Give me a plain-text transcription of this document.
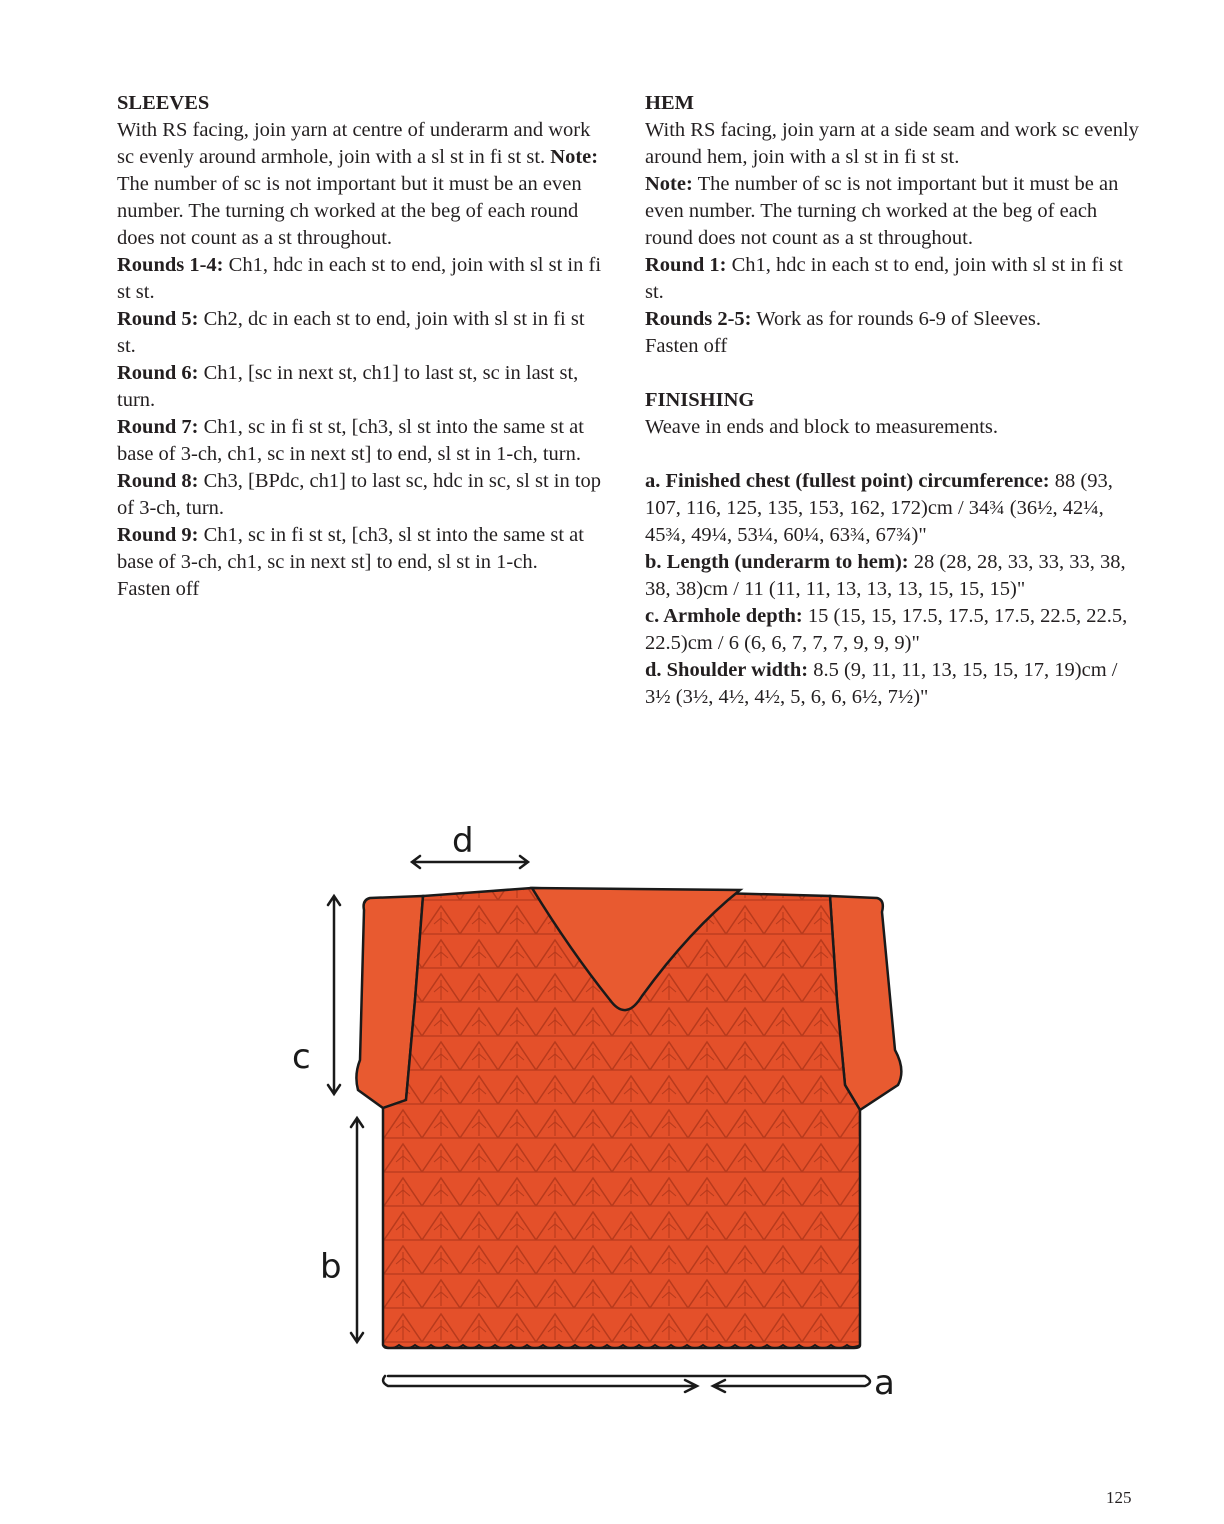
SLEEVES

With RS facing, join yarn at centre of underarm and work sc evenly around armhole, join with a sl st in fi st st. Note: The number of sc is not important but it must be an even number. The turning ch worked at the beg of each round does not count as a st throughout.

Rounds 1-4: Ch1, hdc in each st to end, join with sl st in fi st st.

Round 5: Ch2, dc in each st to end, join with sl st in fi st st.

Round 6: Ch1, [sc in next st, ch1] to last st, sc in last st, turn.

Round 7: Ch1, sc in fi st st, [ch3, sl st into the same st at base of 3-ch, ch1, sc in next st] to end, sl st in 1-ch, turn.

Round 8: Ch3, [BPdc, ch1] to last sc, hdc in sc, sl st in top of 3-ch, turn.

Round 9: Ch1, sc in fi st st, [ch3, sl st into the same st at base of 3-ch, ch1, sc in next st] to end, sl st in 1-ch.

Fasten off

HEM

With RS facing, join yarn at a side seam and work sc evenly around hem, join with a sl st in fi st st.

Note: The number of sc is not important but it must be an even number. The turning ch worked at the beg of each round does not count as a st throughout.

Round 1: Ch1, hdc in each st to end, join with sl st in fi st st.

Rounds 2-5: Work as for rounds 6-9 of Sleeves.

Fasten off

FINISHING

Weave in ends and block to measurements.

a. Finished chest (fullest point) circumference: 88 (93, 107, 116, 125, 135, 153, 162, 172)cm / 34¾ (36½, 42¼, 45¾, 49¼, 53¼, 60¼, 63¾, 67¾)"

b. Length (underarm to hem): 28 (28, 28, 33, 33, 33, 38, 38, 38)cm / 11 (11, 11, 13, 13, 13, 15, 15, 15)"

c. Armhole depth: 15 (15, 15, 17.5, 17.5, 17.5, 22.5, 22.5, 22.5)cm / 6 (6, 6, 7, 7, 7, 9, 9, 9)"

d. Shoulder width: 8.5 (9, 11, 11, 13, 15, 15, 17, 19)cm / 3½ (3½, 4½, 4½, 5, 6, 6, 6½, 7½)"

d
c
b
a
125
